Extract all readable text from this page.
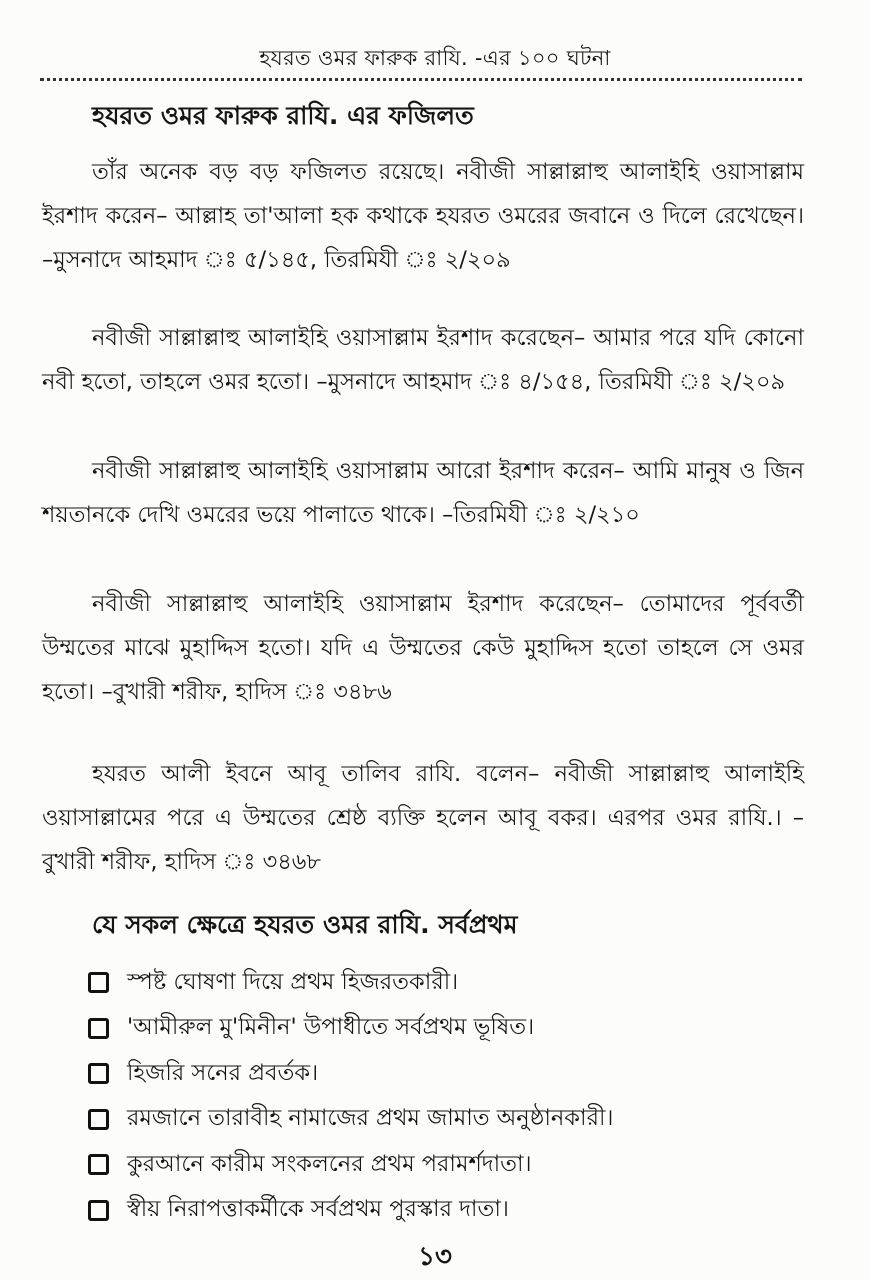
হযরত ওমর ফারুক রাযি. -এর ১০০ ঘটনা
হযরত ওমর ফারুক রাযি. এর ফজিলত

তাঁর অনেক বড় বড় ফজিলত রয়েছে। নবীজী সাল্লাল্লাহু আলাইহি ওয়াসাল্লাম ইরশাদ করেন– আল্লাহ তা'আলা হক কথাকে হযরত ওমরের জবানে ও দিলে রেখেছেন। –মুসনাদে আহমাদ ঃ ৫/১৪৫, তিরমিযী ঃ ২/২০৯

নবীজী সাল্লাল্লাহু আলাইহি ওয়াসাল্লাম ইরশাদ করেছেন– আমার পরে যদি কোনো নবী হতো, তাহলে ওমর হতো। –মুসনাদে আহমাদ ঃ ৪/১৫৪, তিরমিযী ঃ ২/২০৯

নবীজী সাল্লাল্লাহু আলাইহি ওয়াসাল্লাম আরো ইরশাদ করেন– আমি মানুষ ও জিন শয়তানকে দেখি ওমরের ভয়ে পালাতে থাকে। –তিরমিযী ঃ ২/২১০

নবীজী সাল্লাল্লাহু আলাইহি ওয়াসাল্লাম ইরশাদ করেছেন– তোমাদের পূর্ববর্তী উম্মতের মাঝে মুহাদ্দিস হতো। যদি এ উম্মতের কেউ মুহাদ্দিস হতো তাহলে সে ওমর হতো। –বুখারী শরীফ, হাদিস ঃ ৩৪৮৬

হযরত আলী ইবনে আবূ তালিব রাযি. বলেন– নবীজী সাল্লাল্লাহু আলাইহি ওয়াসাল্লামের পরে এ উম্মতের শ্রেষ্ঠ ব্যক্তি হলেন আবূ বকর। এরপর ওমর রাযি.। –বুখারী শরীফ, হাদিস ঃ ৩৪৬৮

যে সকল ক্ষেত্রে হযরত ওমর রাযি. সর্বপ্রথম
স্পষ্ট ঘোষণা দিয়ে প্রথম হিজরতকারী।
'আমীরুল মু'মিনীন' উপাধীতে সর্বপ্রথম ভূষিত।
হিজরি সনের প্রবর্তক।
রমজানে তারাবীহ নামাজের প্রথম জামাত অনুষ্ঠানকারী।
কুরআনে কারীম সংকলনের প্রথম পরামর্শদাতা।
স্বীয় নিরাপত্তাকর্মীকে সর্বপ্রথম পুরস্কার দাতা।
১৩
